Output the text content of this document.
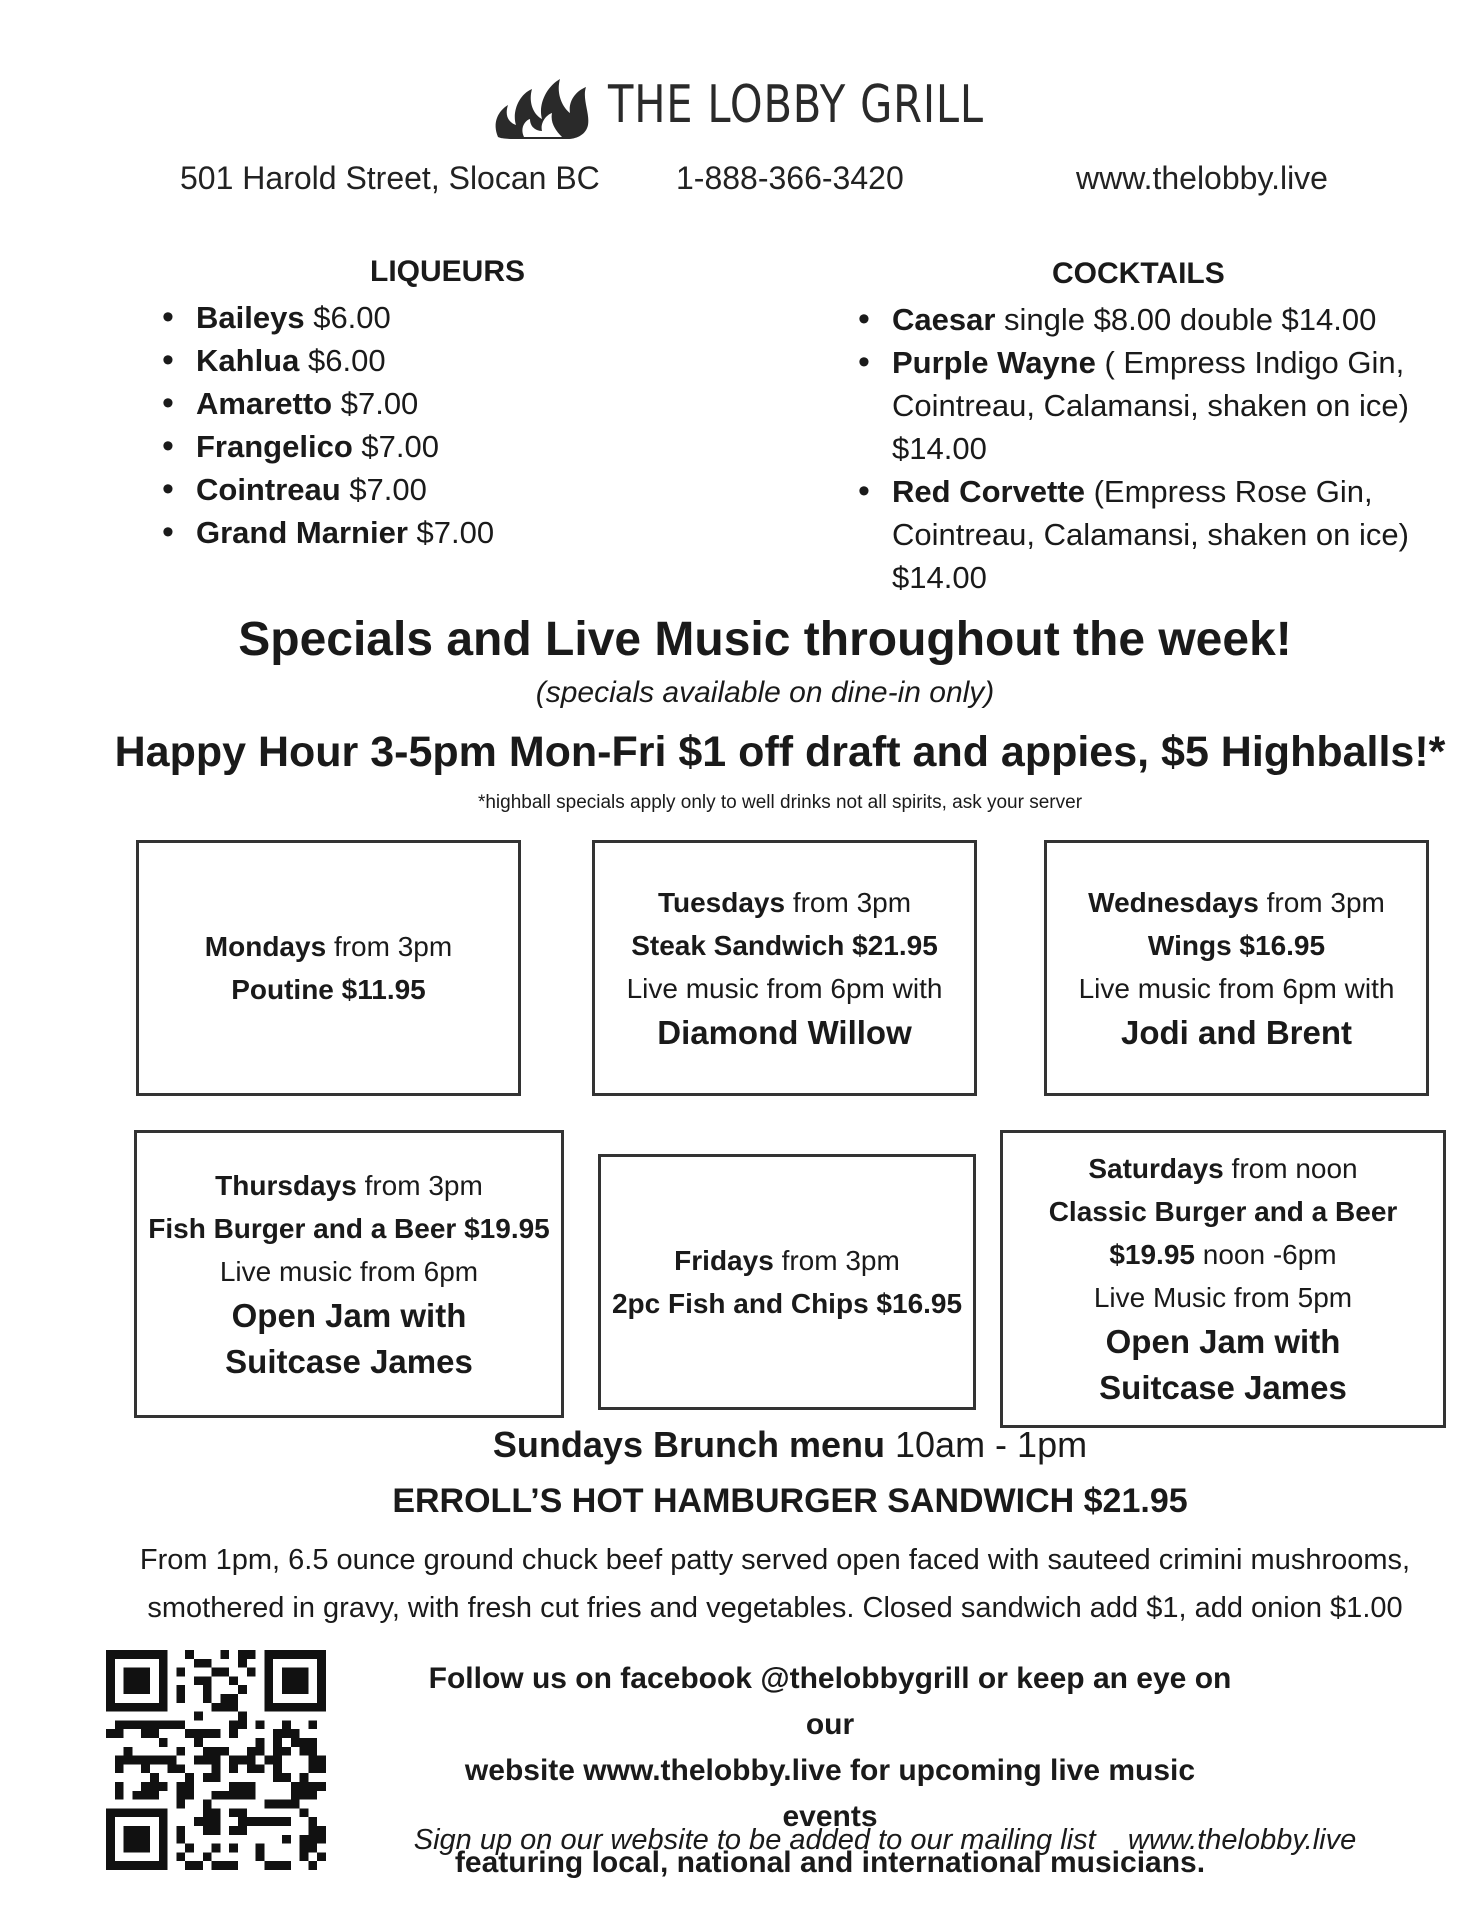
THE LOBBY GRILL
501 Harold Street, Slocan BC 1-888-366-3420	www.thelobby.live
LIQUEURS
• Baileys $6.00
• Kahlua $6.00
• Amaretto $7.00
• Frangelico $7.00
• Cointreau $7.00
• Grand Marnier $7.00
COCKTAILS
• Caesar single $8.00 double $14.00
• Purple Wayne ( Empress Indigo Gin,
Cointreau, Calamansi, shaken on ice)
$14.00
• Red Corvette (Empress Rose Gin,
Cointreau, Calamansi, shaken on ice)
$14.00
Specials and Live Music throughout the week!
(specials available on dine-in only)
Happy Hour 3-5pm Mon-Fri $1 off draft and appies, $5 Highballs!*
*highball specials apply only to well drinks not all spirits, ask your server
Mondays from 3pm
Poutine $11.95
Tuesdays from 3pm
Steak Sandwich $21.95
Live music from 6pm with
Diamond Willow
Wednesdays from 3pm
Wings $16.95
Live music from 6pm with
Jodi and Brent
Thursdays from 3pm
Fish Burger and a Beer $19.95
Live music from 6pm
Open Jam with
Suitcase James
Fridays from 3pm
2pc Fish and Chips $16.95
Saturdays from noon
Classic Burger and a Beer
$19.95 noon -6pm
Live Music from 5pm
Open Jam with
Suitcase James
Sundays Brunch menu 10am - 1pm
ERROLL’S HOT HAMBURGER SANDWICH $21.95
From 1pm, 6.5 ounce ground chuck beef patty served open faced with sauteed crimini mushrooms,
smothered in gravy, with fresh cut fries and vegetables. Closed sandwich add $1, add onion $1.00
Follow us on facebook @thelobbygrill or keep an eye on our
website www.thelobby.live for upcoming live music events
featuring local, national and international musicians.
Sign up on our website to be added to our mailing list www.thelobby.live
